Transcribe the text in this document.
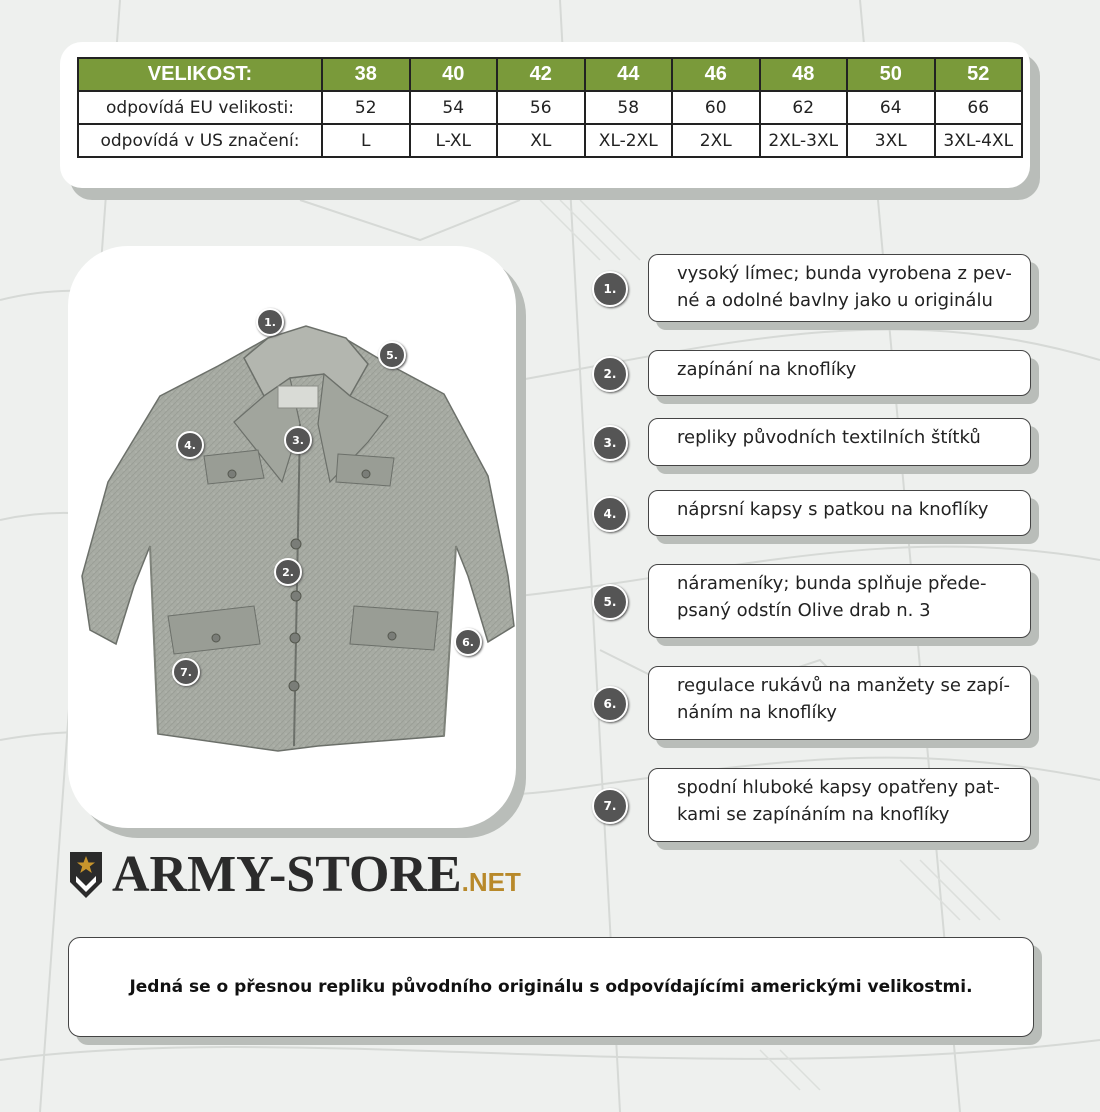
VELIKOST:	38	40	42	44	46	48	50	52
odpovídá EU velikosti:	52	54	56	58	60	62	64	66
odpovídá v US značení:	L	L-XL	XL	XL-2XL	2XL	2XL-3XL	3XL	3XL-4XL
1.
5.
4.	3.
2.
6.
7.
1.
vysoký límec; bunda vyrobena z pev-
né a odolné bavlny jako u originálu
2.	zapínání na knoflíky
3.	repliky původních textilních štítků
4.	náprsní kapsy s patkou na knoflíky
5.
nárameníky; bunda splňuje přede-
psaný odstín Olive drab n. 3
6.
regulace rukávů na manžety se zapí-
náním na knoflíky
7.
spodní hluboké kapsy opatřeny pat-
kami se zapínáním na knoflíky
ARMY-STORE.NET
Jedná se o přesnou repliku původního originálu s odpovídajícími americkými velikostmi.
